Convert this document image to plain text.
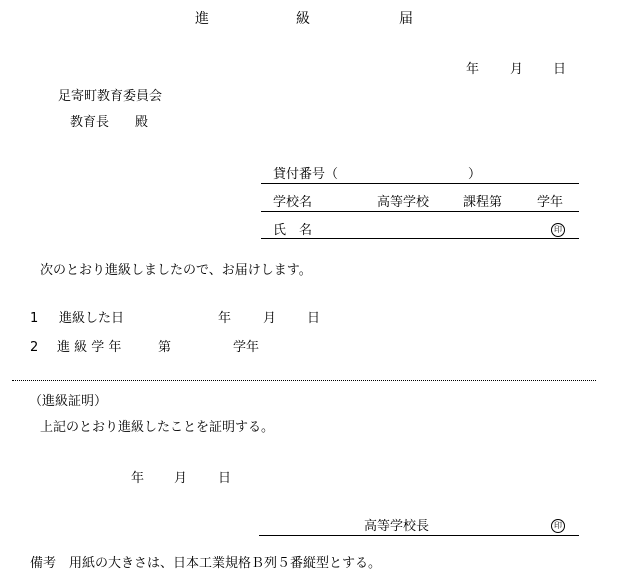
進	級	届
年 月 日
足寄町教育委員会
教育長　　殿
貸付番号（　　　　　　　　　　）
学校名	高等学校	課程第	学年
氏　名	印
次のとおり進級しましたので、お届けします。
1 進級した日	年 月 日
2 進 級 学 年	第	学年
（進級証明）
上記のとおり進級したことを証明する。
年 月 日
高等学校長	印
備考　用紙の大きさは、日本工業規格Ｂ列５番縦型とする。
